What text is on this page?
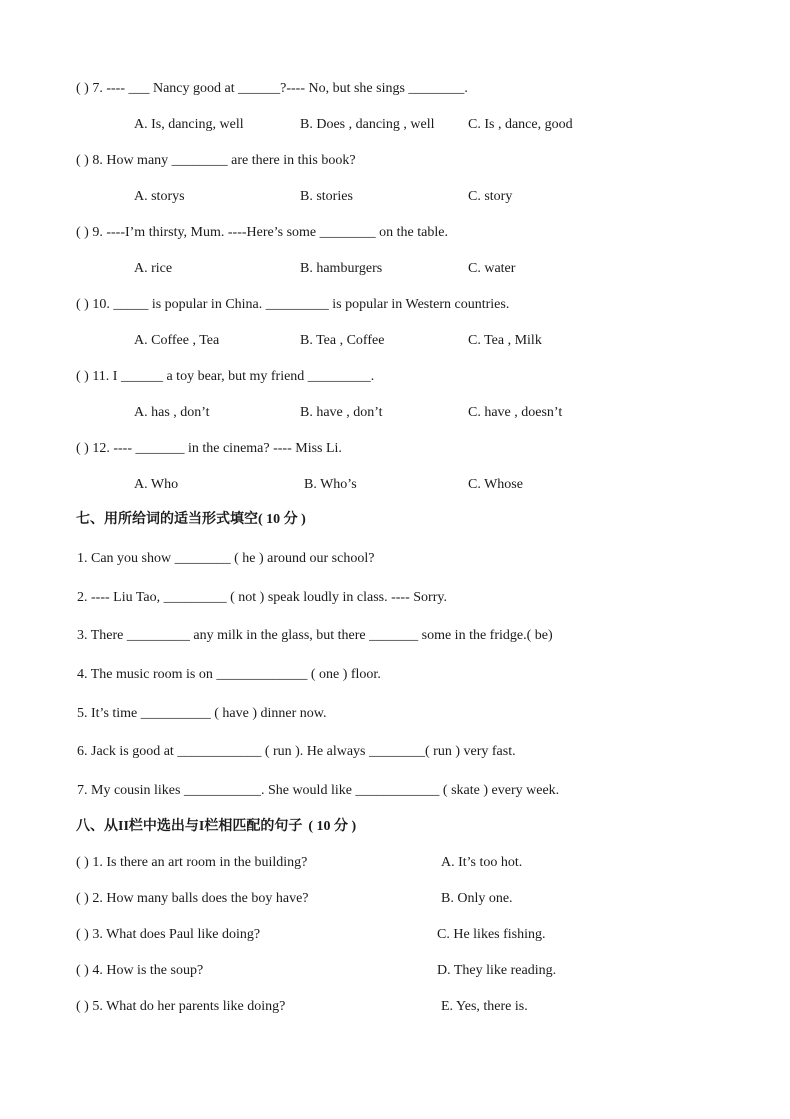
( ) 7. ---- ___ Nancy good at ______?---- No, but she sings ________.
A. Is, dancing, well	B. Does , dancing , well C. Is , dance, good
( ) 8. How many ________ are there in this book?
A. storys	B. stories	C. story
( ) 9. ----I’m thirsty, Mum. ----Here’s some ________ on the table.
A. rice	B. hamburgers	C. water
( ) 10. _____ is popular in China. _________ is popular in Western countries.
A. Coffee , Tea	B. Tea , Coffee	C. Tea , Milk
( ) 11. I ______ a toy bear, but my friend _________.
A. has , don’t	B. have , don’t	C. have , doesn’t
( ) 12. ---- _______ in the cinema? ---- Miss Li.
A. Who	B. Who’s	C. Whose
七、用所给词的适当形式填空( 10 分 )
1. Can you show ________ ( he ) around our school?
2. ---- Liu Tao, _________ ( not ) speak loudly in class. ---- Sorry.
3. There _________ any milk in the glass, but there _______ some in the fridge.( be)
4. The music room is on _____________ ( one ) floor.
5. It’s time __________ ( have ) dinner now.
6. Jack is good at ____________ ( run ). He always ________( run ) very fast.
7. My cousin likes ___________. She would like ____________ ( skate ) every week.
八、从II栏中选出与I栏相匹配的句子 ( 10 分 )
( ) 1. Is there an art room in the building?	A. It’s too hot.
( ) 2. How many balls does the boy have?	B. Only one.
( ) 3. What does Paul like doing?	C. He likes fishing.
( ) 4. How is the soup?	D. They like reading.
( ) 5. What do her parents like doing?	E. Yes, there is.
